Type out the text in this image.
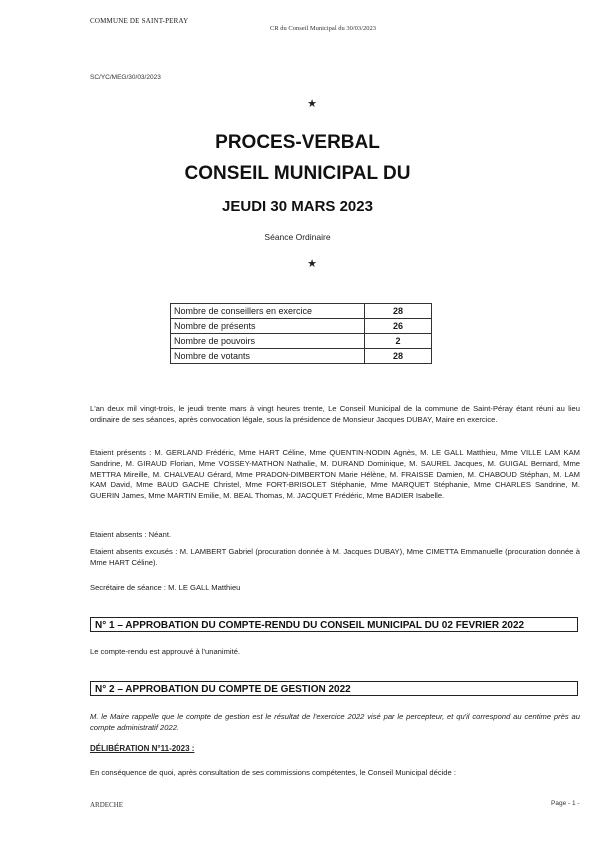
COMMUNE DE SAINT-PERAY
CR du Conseil Municipal du 30/03/2023
SC/YC/MEG/30/03/2023
★
PROCES-VERBAL
CONSEIL MUNICIPAL DU
JEUDI 30 MARS 2023
Séance Ordinaire
★
Nombre de conseillers en exercice	28
Nombre de présents	26
Nombre de pouvoirs	2
Nombre de votants	28
L'an deux mil vingt-trois, le jeudi trente mars à vingt heures trente, Le Conseil Municipal de la commune de Saint-Péray étant réuni au lieu ordinaire de ses séances, après convocation légale, sous la présidence de Monsieur Jacques DUBAY, Maire en exercice.
Etaient présents : M. GERLAND Frédéric, Mme HART Céline, Mme QUENTIN-NODIN Agnès, M. LE GALL Matthieu, Mme VILLE LAM KAM Sandrine, M. GIRAUD Florian, Mme VOSSEY-MATHON Nathalie, M. DURAND Dominique, M. SAUREL Jacques, M. GUIGAL Bernard, Mme METTRA Mireille, M. CHALVEAU Gérard, Mme PRADON-DIMBERTON Marie Hélène, M. FRAISSE Damien, M. CHABOUD Stéphan, M. LAM KAM David, Mme BAUD GACHE Christel, Mme FORT-BRISOLET Stéphanie, Mme MARQUET Stéphanie, Mme CHARLES Sandrine, M. GUERIN James, Mme MARTIN Emilie, M. BEAL Thomas, M. JACQUET Frédéric, Mme BADIER Isabelle.
Etaient absents : Néant.
Etaient absents excusés : M. LAMBERT Gabriel (procuration donnée à M. Jacques DUBAY), Mme CIMETTA Emmanuelle (procuration donnée à Mme HART Céline).
Secrétaire de séance : M. LE GALL Matthieu
N° 1 – APPROBATION DU COMPTE-RENDU DU CONSEIL MUNICIPAL DU 02 FEVRIER 2022
Le compte-rendu est approuvé à l'unanimité.
N° 2 – APPROBATION DU COMPTE DE GESTION 2022
M. le Maire rappelle que le compte de gestion est le résultat de l'exercice 2022 visé par le percepteur, et qu'il correspond au centime près au compte administratif 2022.
DÉLIBÉRATION N°11-2023 :
En conséquence de quoi, après consultation de ses commissions compétentes, le Conseil Municipal décide :
ARDECHE	Page - 1 -
